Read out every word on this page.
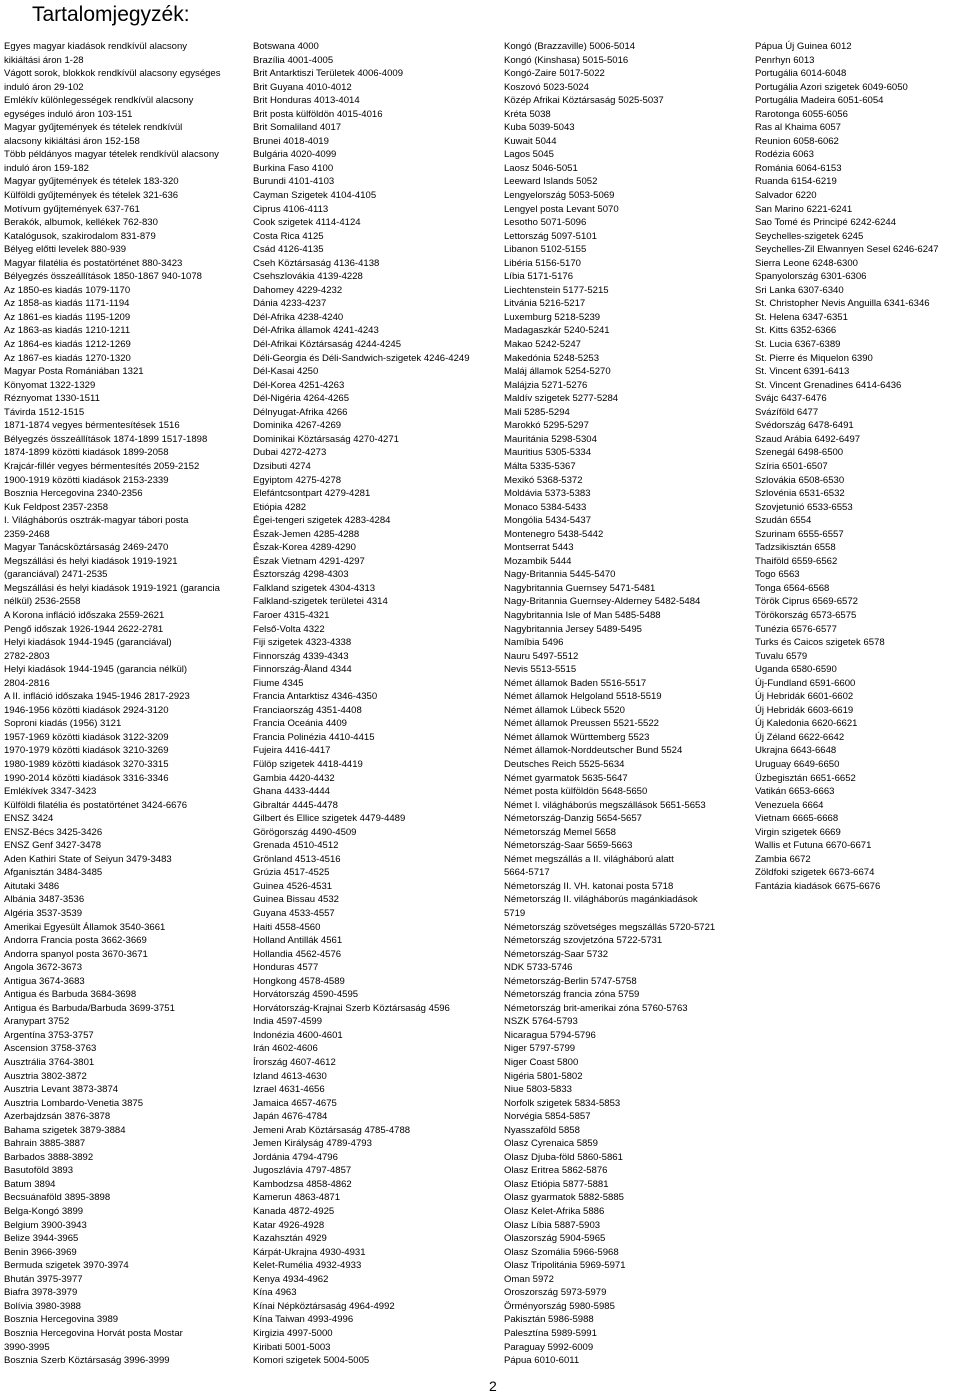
Tartalomjegyzék:
Egyes magyar kiadások rendkívül alacsony
kikiáltási áron 1-28
Vágott sorok, blokkok rendkívül alacsony egységes
induló áron 29-102
Emlékív különlegességek rendkívül alacsony
egységes induló áron 103-151
Magyar gyűjtemények és tételek rendkívül
alacsony kikiáltási áron 152-158
Több példányos magyar tételek rendkívül alacsony
induló áron 159-182
Magyar gyűjtemények és tételek 183-320
Külföldi gyűjtemények és tételek 321-636
Motívum gyűjtemények 637-761
Berakók, albumok, kellékek 762-830
Katalógusok, szakirodalom 831-879
Bélyeg előtti levelek 880-939
Magyar filatélia és postatörténet 880-3423
Bélyegzés összeállítások 1850-1867 940-1078
Az 1850-es kiadás 1079-1170
Az 1858-as kiadás 1171-1194
Az 1861-es kiadás 1195-1209
Az 1863-as kiadás 1210-1211
Az 1864-es kiadás 1212-1269
Az 1867-es kiadás 1270-1320
Magyar Posta Romániában 1321
Könyomat 1322-1329
Réznyomat 1330-1511
Távirda 1512-1515
1871-1874 vegyes bérmentesítések 1516
Bélyegzés összeállítások 1874-1899 1517-1898
1874-1899 közötti kiadások 1899-2058
Krajcár-fillér vegyes bérmentesítés 2059-2152
1900-1919 közötti kiadások 2153-2339
Bosznia Hercegovina 2340-2356
Kuk Feldpost 2357-2358
I. Világháborús osztrák-magyar tábori posta
2359-2468
Magyar Tanácsköztársaság 2469-2470
Megszállási és helyi kiadások 1919-1921
(garanciával) 2471-2535
Megszállási és helyi kiadások 1919-1921 (garancia
nélkül) 2536-2558
A Korona infláció időszaka 2559-2621
Pengő időszak 1926-1944 2622-2781
Helyi kiadások 1944-1945 (garanciával)
2782-2803
Helyi kiadások 1944-1945 (garancia nélkül)
2804-2816
A II. infláció időszaka 1945-1946 2817-2923
1946-1956 közötti kiadások 2924-3120
Soproni kiadás (1956) 3121
1957-1969 közötti kiadások 3122-3209
1970-1979 közötti kiadások 3210-3269
1980-1989 közötti kiadások 3270-3315
1990-2014 közötti kiadások 3316-3346
Emlékívek 3347-3423
Külföldi filatélia és postatörténet 3424-6676
ENSZ 3424
ENSZ-Bécs 3425-3426
ENSZ Genf 3427-3478
Aden Kathiri State of Seiyun 3479-3483
Afganisztán 3484-3485
Aitutaki 3486
Albánia 3487-3536
Algéria 3537-3539
Amerikai Egyesült Államok 3540-3661
Andorra Francia posta 3662-3669
Andorra spanyol posta 3670-3671
Angola 3672-3673
Antigua 3674-3683
Antigua és Barbuda 3684-3698
Antigua és Barbuda/Barbuda 3699-3751
Aranypart 3752
Argentína 3753-3757
Ascension 3758-3763
Ausztrália 3764-3801
Ausztria 3802-3872
Ausztria Levant 3873-3874
Ausztria Lombardo-Venetia 3875
Azerbajdzsán 3876-3878
Bahama szigetek 3879-3884
Bahrain 3885-3887
Barbados 3888-3892
Basutoföld 3893
Batum 3894
Becsuánaföld 3895-3898
Belga-Kongó 3899
Belgium 3900-3943
Belize 3944-3965
Benin 3966-3969
Bermuda szigetek 3970-3974
Bhután 3975-3977
Biafra 3978-3979
Bolívia 3980-3988
Bosznia Hercegovina 3989
Bosznia Hercegovina Horvát posta Mostar
3990-3995
Bosznia Szerb Köztársaság 3996-3999
Botswana 4000
Brazília 4001-4005
Brit Antarktiszi Területek 4006-4009
Brit Guyana 4010-4012
Brit Honduras 4013-4014
Brit posta külföldön 4015-4016
Brit Somaliland 4017
Brunei 4018-4019
Bulgária 4020-4099
Burkina Faso 4100
Burundi 4101-4103
Cayman Szigetek 4104-4105
Ciprus 4106-4113
Cook szigetek 4114-4124
Costa Rica 4125
Csád 4126-4135
Cseh Köztársaság 4136-4138
Csehszlovákia 4139-4228
Dahomey 4229-4232
Dánia 4233-4237
Dél-Afrika 4238-4240
Dél-Afrika államok 4241-4243
Dél-Afrikai Köztársaság 4244-4245
Déli-Georgia és Déli-Sandwich-szigetek 4246-4249
Dél-Kasai 4250
Dél-Korea 4251-4263
Dél-Nigéria 4264-4265
Délnyugat-Afrika 4266
Dominika 4267-4269
Dominikai Köztársaság 4270-4271
Dubai 4272-4273
Dzsibuti 4274
Egyiptom 4275-4278
Elefántcsontpart 4279-4281
Etiópia 4282
Égei-tengeri szigetek 4283-4284
Észak-Jemen 4285-4288
Észak-Korea 4289-4290
Észak Vietnam 4291-4297
Észtország 4298-4303
Falkland szigetek 4304-4313
Falkland-szigetek területei 4314
Faroer 4315-4321
Felső-Volta 4322
Fiji szigetek 4323-4338
Finnország 4339-4343
Finnország-Åland 4344
Fiume 4345
Francia Antarktisz 4346-4350
Franciaország 4351-4408
Francia Oceánia 4409
Francia Polinézia 4410-4415
Fujeira 4416-4417
Fülöp szigetek 4418-4419
Gambia 4420-4432
Ghana 4433-4444
Gibraltár 4445-4478
Gilbert és Ellice szigetek 4479-4489
Görögország 4490-4509
Grenada 4510-4512
Grönland 4513-4516
Grúzia 4517-4525
Guinea 4526-4531
Guinea Bissau 4532
Guyana 4533-4557
Haiti 4558-4560
Holland Antillák 4561
Hollandia 4562-4576
Honduras 4577
Hongkong 4578-4589
Horvátország 4590-4595
Horvátország-Krajnai Szerb Köztársaság 4596
India 4597-4599
Indonézia 4600-4601
Irán 4602-4606
Írország 4607-4612
Izland 4613-4630
Izrael 4631-4656
Jamaica 4657-4675
Japán 4676-4784
Jemeni Arab Köztársaság 4785-4788
Jemen Királyság 4789-4793
Jordánia 4794-4796
Jugoszlávia 4797-4857
Kambodzsa 4858-4862
Kamerun 4863-4871
Kanada 4872-4925
Katar 4926-4928
Kazahsztán 4929
Kárpát-Ukrajna 4930-4931
Kelet-Rumélia 4932-4933
Kenya 4934-4962
Kína 4963
Kínai Népköztársaság 4964-4992
Kína Taiwan 4993-4996
Kirgizia 4997-5000
Kiribati 5001-5003
Komori szigetek 5004-5005
Kongó (Brazzaville) 5006-5014
Kongó (Kinshasa) 5015-5016
Kongó-Zaire 5017-5022
Koszovó 5023-5024
Közép Afrikai Köztársaság 5025-5037
Kréta 5038
Kuba 5039-5043
Kuwait 5044
Lagos 5045
Laosz 5046-5051
Leeward Islands 5052
Lengyelország 5053-5069
Lengyel posta Levant 5070
Lesotho 5071-5096
Lettország 5097-5101
Libanon 5102-5155
Libéria 5156-5170
Líbia 5171-5176
Liechtenstein 5177-5215
Litvánia 5216-5217
Luxemburg 5218-5239
Madagaszkár 5240-5241
Makao 5242-5247
Makedónia 5248-5253
Maláj államok 5254-5270
Malájzia 5271-5276
Maldív szigetek 5277-5284
Mali 5285-5294
Marokkó 5295-5297
Mauritánia 5298-5304
Mauritius 5305-5334
Málta 5335-5367
Mexikó 5368-5372
Moldávia 5373-5383
Monaco 5384-5433
Mongólia 5434-5437
Montenegro 5438-5442
Montserrat 5443
Mozambik 5444
Nagy-Britannia 5445-5470
Nagybritannia Guernsey 5471-5481
Nagy-Britannia Guernsey-Alderney 5482-5484
Nagybritannia Isle of Man 5485-5488
Nagybritannia Jersey 5489-5495
Namíbia 5496
Nauru 5497-5512
Nevis 5513-5515
Német államok Baden 5516-5517
Német államok Helgoland 5518-5519
Német államok Lübeck 5520
Német államok Preussen 5521-5522
Német államok Württemberg 5523
Német államok-Norddeutscher Bund 5524
Deutsches Reich 5525-5634
Német gyarmatok 5635-5647
Német posta külföldön 5648-5650
Német I. világháborús megszállások 5651-5653
Németország-Danzig 5654-5657
Németország Memel 5658
Németország-Saar 5659-5663
Német megszállás a II. világháború alatt
5664-5717
Németország II. VH. katonai posta 5718
Németország II. világháborús magánkiadások
5719
Németország szövetséges megszállás 5720-5721
Németország szovjetzóna 5722-5731
Németország-Saar 5732
NDK 5733-5746
Németország-Berlin 5747-5758
Németország francia zóna 5759
Németország brit-amerikai zóna 5760-5763
NSZK 5764-5793
Nicaragua 5794-5796
Niger 5797-5799
Niger Coast 5800
Nigéria 5801-5802
Niue 5803-5833
Norfolk szigetek 5834-5853
Norvégia 5854-5857
Nyasszaföld 5858
Olasz Cyrenaica 5859
Olasz Djuba-föld 5860-5861
Olasz Eritrea 5862-5876
Olasz Etiópia 5877-5881
Olasz gyarmatok 5882-5885
Olasz Kelet-Afrika 5886
Olasz Líbia 5887-5903
Olaszország 5904-5965
Olasz Szomália 5966-5968
Olasz Tripolitánia 5969-5971
Oman 5972
Oroszország 5973-5979
Örményország 5980-5985
Pakisztán 5986-5988
Palesztína 5989-5991
Paraguay 5992-6009
Pápua 6010-6011
Pápua Új Guinea 6012
Penrhyn 6013
Portugália 6014-6048
Portugália Azori szigetek 6049-6050
Portugália Madeira 6051-6054
Rarotonga 6055-6056
Ras al Khaima 6057
Reunion 6058-6062
Rodézia 6063
Románia 6064-6153
Ruanda 6154-6219
Salvador 6220
San Marino 6221-6241
Sao Tomé és Principé 6242-6244
Seychelles-szigetek 6245
Seychelles-Zil Elwannyen Sesel 6246-6247
Sierra Leone 6248-6300
Spanyolország 6301-6306
Sri Lanka 6307-6340
St. Christopher Nevis Anguilla 6341-6346
St. Helena 6347-6351
St. Kitts 6352-6366
St. Lucia 6367-6389
St. Pierre és Miquelon 6390
St. Vincent 6391-6413
St. Vincent Grenadines 6414-6436
Svájc 6437-6476
Svázíföld 6477
Svédország 6478-6491
Szaud Arábia 6492-6497
Szenegál 6498-6500
Szíria 6501-6507
Szlovákia 6508-6530
Szlovénia 6531-6532
Szovjetunió 6533-6553
Szudán 6554
Szurinam 6555-6557
Tadzsikisztán 6558
Thaiföld 6559-6562
Togo 6563
Tonga 6564-6568
Török Ciprus 6569-6572
Törökország 6573-6575
Tunézia 6576-6577
Turks és Caicos szigetek 6578
Tuvalu 6579
Uganda 6580-6590
Új-Fundland 6591-6600
Új Hebridák 6601-6602
Új Hebridák 6603-6619
Új Kaledonia 6620-6621
Új Zéland 6622-6642
Ukrajna 6643-6648
Uruguay 6649-6650
Üzbegisztán 6651-6652
Vatikán 6653-6663
Venezuela 6664
Vietnam 6665-6668
Virgin szigetek 6669
Wallis et Futuna 6670-6671
Zambia 6672
Zöldfoki szigetek 6673-6674
Fantázia kiadások 6675-6676
2
